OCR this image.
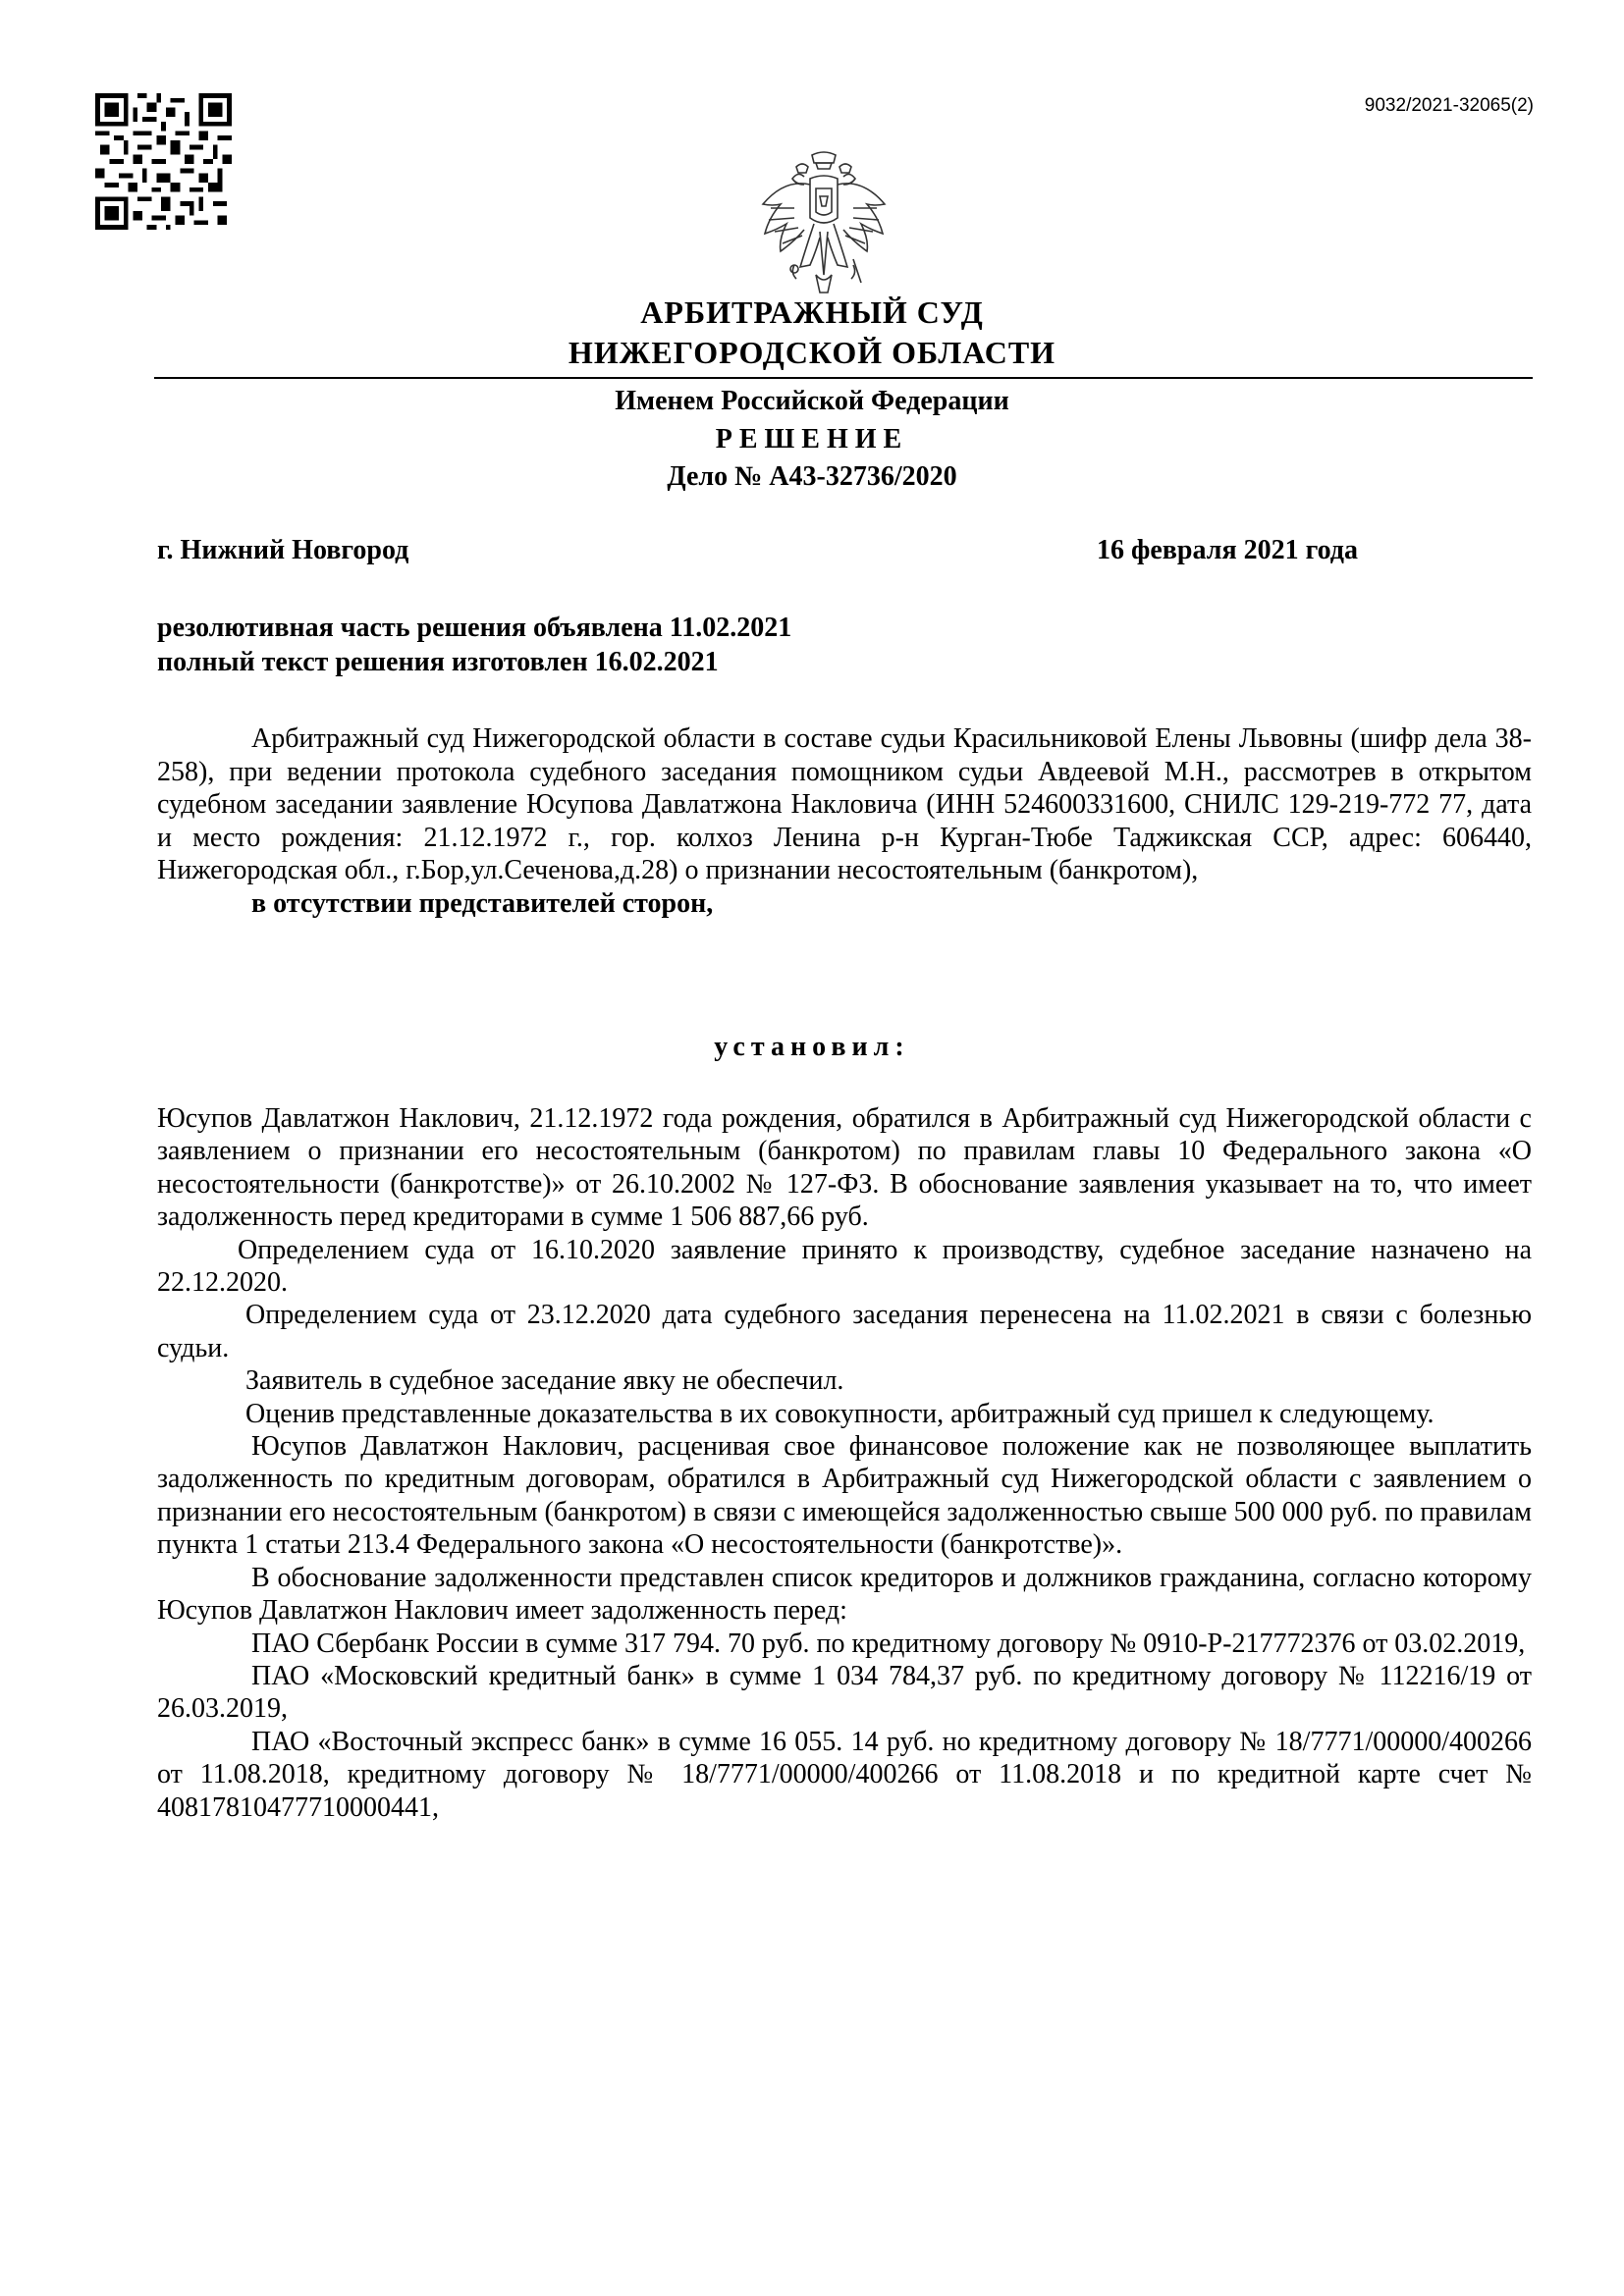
9032/2021-32065(2)
АРБИТРАЖНЫЙ СУД
НИЖЕГОРОДСКОЙ ОБЛАСТИ
Именем Российской Федерации
РЕШЕНИЕ
Дело № А43-32736/2020
г. Нижний Новгород	16 февраля 2021 года
резолютивная часть решения объявлена 11.02.2021
полный текст решения изготовлен 16.02.2021

Арбитражный суд Нижегородской области в составе судьи Красильниковой Елены Львовны (шифр дела 38-258), при ведении протокола судебного заседания помощником судьи Авдеевой М.Н., рассмотрев в открытом судебном заседании заявление Юсупова Давлатжона Накловича (ИНН 524600331600, СНИЛС 129-219-772 77, дата и место рождения: 21.12.1972 г., гор. колхоз Ленина р-н Курган-Тюбе Таджикская ССР, адрес: 606440, Нижегородская обл., г.Бор,ул.Сеченова,д.28) о признании несостоятельным (банкротом),

в отсутствии представителей сторон,

установил:

Юсупов Давлатжон Наклович, 21.12.1972 года рождения, обратился в Арбитражный суд Нижегородской области с заявлением о признании его несостоятельным (банкротом) по правилам главы 10 Федерального закона «О несостоятельности (банкротстве)» от 26.10.2002 № 127-ФЗ. В обоснование заявления указывает на то, что имеет задолженность перед кредиторами в сумме 1 506 887,66 руб.

Определением суда от 16.10.2020 заявление принято к производству, судебное заседание назначено на 22.12.2020.

Определением суда от 23.12.2020 дата судебного заседания перенесена на 11.02.2021 в связи с болезнью судьи.

Заявитель в судебное заседание явку не обеспечил.

Оценив представленные доказательства в их совокупности, арбитражный суд пришел к следующему.

Юсупов Давлатжон Наклович, расценивая свое финансовое положение как не позволяющее выплатить задолженность по кредитным договорам, обратился в Арбитражный суд Нижегородской области с заявлением о признании его несостоятельным (банкротом) в связи с имеющейся задолженностью свыше 500 000 руб. по правилам пункта 1 статьи 213.4 Федерального закона «О несостоятельности (банкротстве)».

В обоснование задолженности представлен список кредиторов и должников гражданина, согласно которому Юсупов Давлатжон Наклович имеет задолженность перед:

ПАО Сбербанк России в сумме 317 794. 70 руб. по кредитному договору № 0910-Р-217772376 от 03.02.2019,

ПАО «Московский кредитный банк» в сумме 1 034 784,37 руб. по кредитному договору № 112216/19 от 26.03.2019,

ПАО «Восточный экспресс банк» в сумме 16 055. 14 руб. но кредитному договору № 18/7771/00000/400266 от 11.08.2018, кредитному договору № 18/7771/00000/400266 от 11.08.2018 и по кредитной карте счет № 40817810477710000441,
